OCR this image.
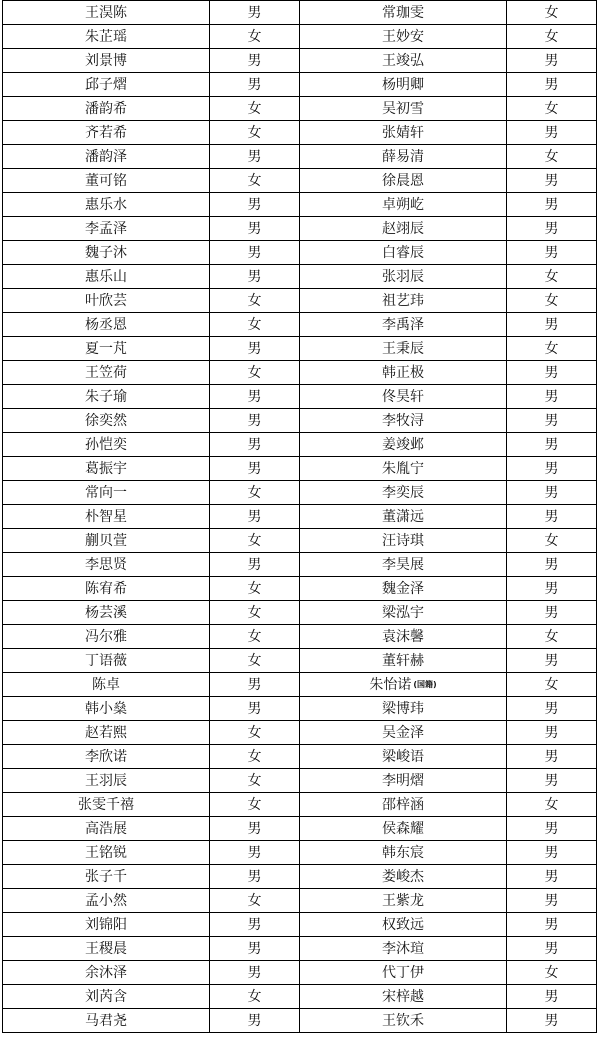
王淏陈	男	常珈雯	女
朱芷瑶	女	王妙安	女
刘景博	男	王竣弘	男
邱子熠	男	杨明卿	男
潘韵希	女	吴初雪	女
齐若希	女	张婧轩	男
潘韵泽	男	薛易清	女
董可铭	女	徐晨恩	男
惠乐水	男	卓朔屹	男
李孟泽	男	赵翊辰	男
魏子沐	男	白睿辰	男
惠乐山	男	张羽辰	女
叶欣芸	女	祖艺玮	女
杨丞恩	女	李禹泽	男
夏一芃	男	王秉辰	女
王笠荷	女	韩正极	男
朱子瑜	男	佟昊轩	男
徐奕然	男	李牧浔	男
孙恺奕	男	姜竣邺	男
葛振宇	男	朱胤宁	男
常向一	女	李奕辰	男
朴智星	男	董潇远	男
蒯贝萱	女	汪诗琪	女
李思贤	男	李昊展	男
陈宥希	女	魏金泽	男
杨芸溪	女	梁泓宇	男
冯尔雅	女	袁沫馨	女
丁语薇	女	董轩赫	男
陈卓	男	朱怡诺 (国籍)	女
韩小燊	男	梁博玮	男
赵若熙	女	吴金泽	男
李欣诺	女	梁峻语	男
王羽辰	女	李明熠	男
张雯千禧	女	邵梓涵	女
高浩展	男	侯森耀	男
王铭锐	男	韩东宸	男
张子千	男	娄峻杰	男
孟小然	女	王紫龙	男
刘锦阳	男	权致远	男
王稷晨	男	李沐瑄	男
余沐泽	男	代丁伊	女
刘芮含	女	宋梓越	男
马君尧	男	王钦禾	男
